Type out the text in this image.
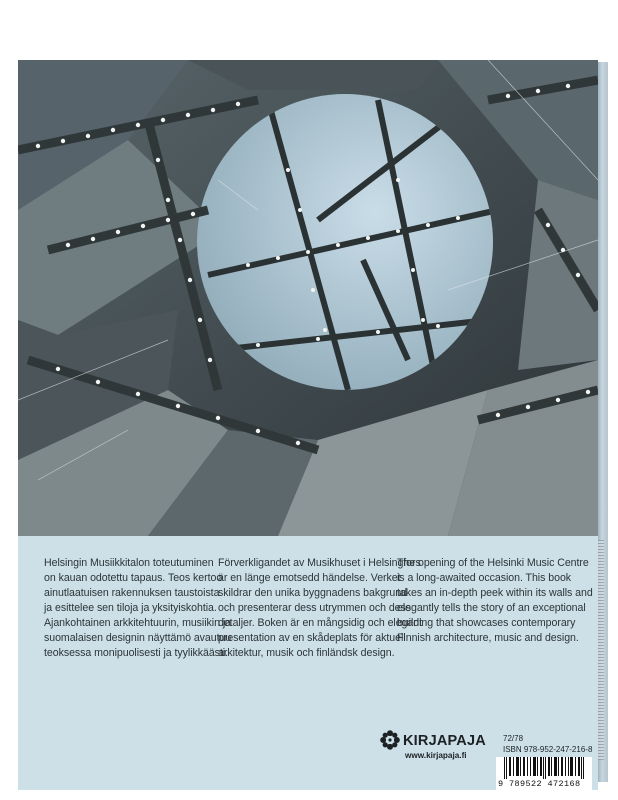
Helsingin Musiikkitalon toteutuminen
on kauan odotettu tapaus. Teos kertoo
ainutlaatuisen rakennuksen taustoista
ja esittelee sen tiloja ja yksityiskohtia.
Ajankohtainen arkkitehtuurin, musiikin ja
suomalaisen designin näyttämö avautuu
teoksessa monipuolisesti ja tyylikkäästi.
Förverkligandet av Musikhuset i Helsingfors
är en länge emotsedd händelse. Verket
skildrar den unika byggnadens bakgrund
och presenterar dess utrymmen och dess
detaljer. Boken är en mångsidig och elegant
presentation av en skådeplats för aktuell
arkitektur, musik och finländsk design.
The opening of the Helsinki Music Centre
is a long-awaited occasion. This book
takes an in-depth peek within its walls and
elegantly tells the story of an exceptional
building that showcases contemporary
Finnish architecture, music and design.
KIRJAPAJA
www.kirjapaja.fi
72/78
ISBN 978-952-247-216-8
9 789522 472168
